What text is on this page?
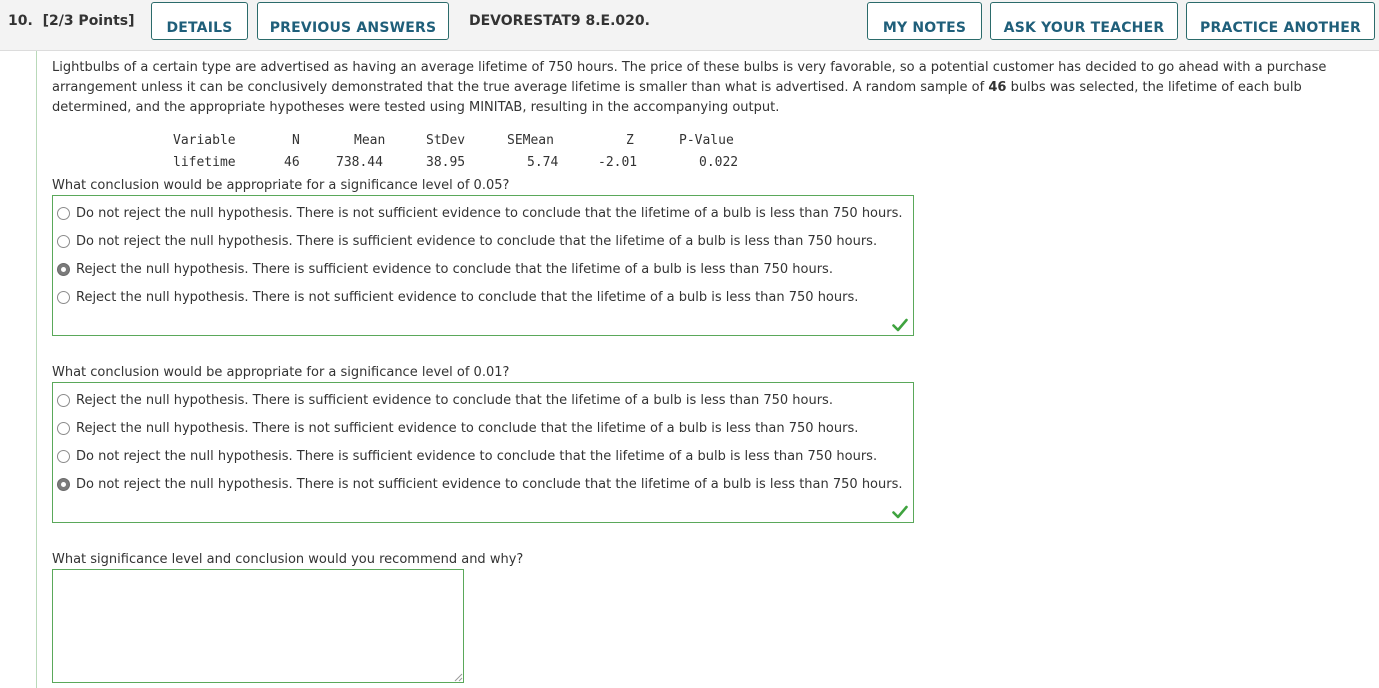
10. [2/3 Points]	DETAILS	PREVIOUS ANSWERS	DEVORESTAT9 8.E.020.	MY NOTES	ASK YOUR TEACHER	PRACTICE ANOTHER
Lightbulbs of a certain type are advertised as having an average lifetime of 750 hours. The price of these bulbs is very favorable, so a potential customer has decided to go ahead with a purchase arrangement unless it can be conclusively demonstrated that the true average lifetime is smaller than what is advertised. A random sample of 46 bulbs was selected, the lifetime of each bulb determined, and the appropriate hypotheses were tested using MINITAB, resulting in the accompanying output.
Variable	N	Mean	StDev	SEMean	Z	P-Value
lifetime	46	738.44	38.95	5.74	-2.01	0.022
What conclusion would be appropriate for a significance level of 0.05?
Do not reject the null hypothesis. There is not sufficient evidence to conclude that the lifetime of a bulb is less than 750 hours.
Do not reject the null hypothesis. There is sufficient evidence to conclude that the lifetime of a bulb is less than 750 hours.
Reject the null hypothesis. There is sufficient evidence to conclude that the lifetime of a bulb is less than 750 hours.
Reject the null hypothesis. There is not sufficient evidence to conclude that the lifetime of a bulb is less than 750 hours.
What conclusion would be appropriate for a significance level of 0.01?
Reject the null hypothesis. There is sufficient evidence to conclude that the lifetime of a bulb is less than 750 hours.
Reject the null hypothesis. There is not sufficient evidence to conclude that the lifetime of a bulb is less than 750 hours.
Do not reject the null hypothesis. There is sufficient evidence to conclude that the lifetime of a bulb is less than 750 hours.
Do not reject the null hypothesis. There is not sufficient evidence to conclude that the lifetime of a bulb is less than 750 hours.
What significance level and conclusion would you recommend and why?
